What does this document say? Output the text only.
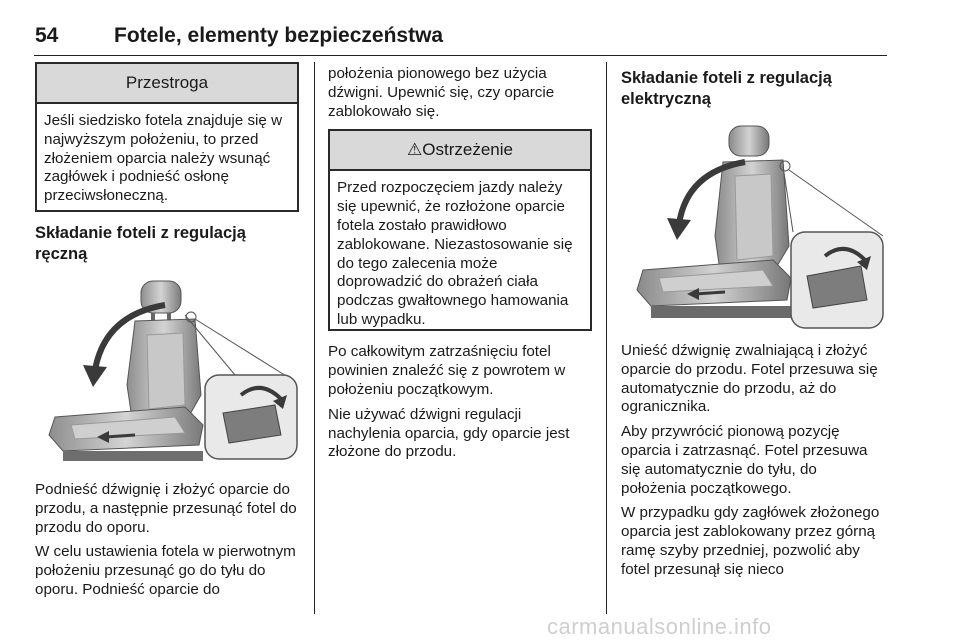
54	Fotele, elementy bezpieczeństwa
Przestroga
Jeśli siedzisko fotela znajduje się w najwyższym położeniu, to przed złożeniem oparcia należy wsunąć zagłówek i podnieść osłonę przeciwsłoneczną.
Składanie foteli z regulacją ręczną

Podnieść dźwignię i złożyć oparcie do przodu, a następnie przesunąć fotel do przodu do oporu.

W celu ustawienia fotela w pierwotnym położeniu przesunąć go do tyłu do oporu. Podnieść oparcie do

położenia pionowego bez użycia dźwigni. Upewnić się, czy oparcie zablokowało się.

⚠Ostrzeżenie
Przed rozpoczęciem jazdy należy się upewnić, że rozłożone oparcie fotela zostało prawidłowo zablokowane. Niezastosowanie się do tego zalecenia może doprowadzić do obrażeń ciała podczas gwałtownego hamowania lub wypadku.

Po całkowitym zatrzaśnięciu fotel powinien znaleźć się z powrotem w położeniu początkowym.

Nie używać dźwigni regulacji nachylenia oparcia, gdy oparcie jest złożone do przodu.

Składanie foteli z regulacją elektryczną

Unieść dźwignię zwalniającą i złożyć oparcie do przodu. Fotel przesuwa się automatycznie do przodu, aż do ogranicznika.

Aby przywrócić pionową pozycję oparcia i zatrzasnąć. Fotel przesuwa się automatycznie do tyłu, do położenia początkowego.

W przypadku gdy zagłówek złożonego oparcia jest zablokowany przez górną ramę szyby przedniej, pozwolić aby fotel przesunął się nieco

carmanualsonline.info
